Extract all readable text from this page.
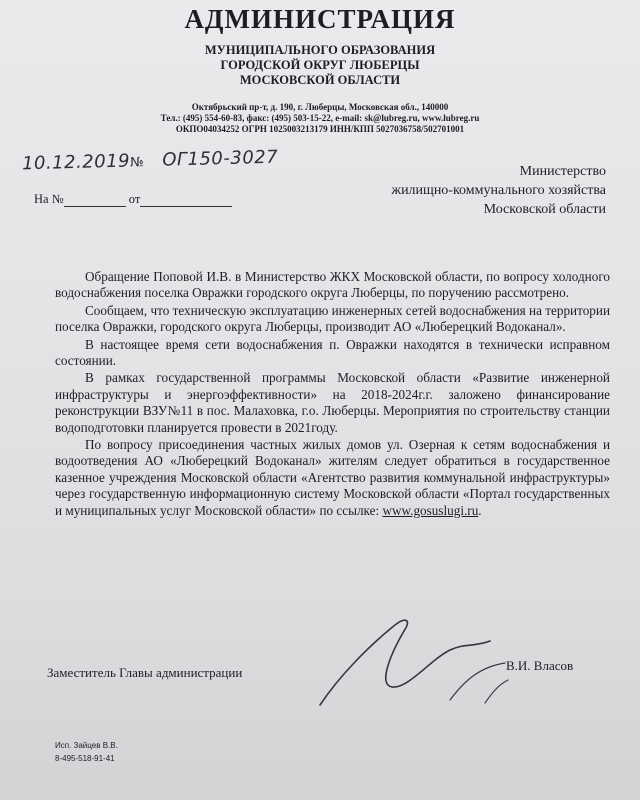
АДМИНИСТРАЦИЯ
МУНИЦИПАЛЬНОГО ОБРАЗОВАНИЯ
ГОРОДСКОЙ ОКРУГ ЛЮБЕРЦЫ
МОСКОВСКОЙ ОБЛАСТИ
Октябрьский пр-т, д. 190, г. Люберцы, Московская обл., 140000
Тел.: (495) 554-60-83, факс: (495) 503-15-22, e-mail: sk@lubreg.ru, www.lubreg.ru
ОКПО04034252 ОГРН 1025003213179 ИНН/КПП 5027036758/502701001
10.12.2019№ ОГ150-3027
На №	от
Министерство
жилищно-коммунального хозяйства
Московской области

Обращение Поповой И.В. в Министерство ЖКХ Московской области, по вопросу холодного водоснабжения поселка Овражки городского округа Люберцы, по поручению рассмотрено.

Сообщаем, что техническую эксплуатацию инженерных сетей водоснабжения на территории поселка Овражки, городского округа Люберцы, производит АО «Люберецкий Водоканал».

В настоящее время сети водоснабжения п. Овражки находятся в технически исправном состоянии.

В рамках государственной программы Московской области «Развитие инженерной инфраструктуры и энергоэффективности» на 2018-2024г.г. заложено финансирование реконструкции ВЗУ№11 в пос. Малаховка, г.о. Люберцы. Мероприятия по строительству станции водоподготовки планируется провести в 2021году.

По вопросу присоединения частных жилых домов ул. Озерная к сетям водоснабжения и водоотведения АО «Люберецкий Водоканал» жителям следует обратиться в государственное казенное учреждения Московской области «Агентство развития коммунальной инфраструктуры» через государственную информационную систему Московской области «Портал государственных и муниципальных услуг Московской области» по ссылке: www.gosuslugi.ru.

Заместитель Главы администрации	В.И. Власов
Исп. Зайцев В.В.
8-495-518-91-41
